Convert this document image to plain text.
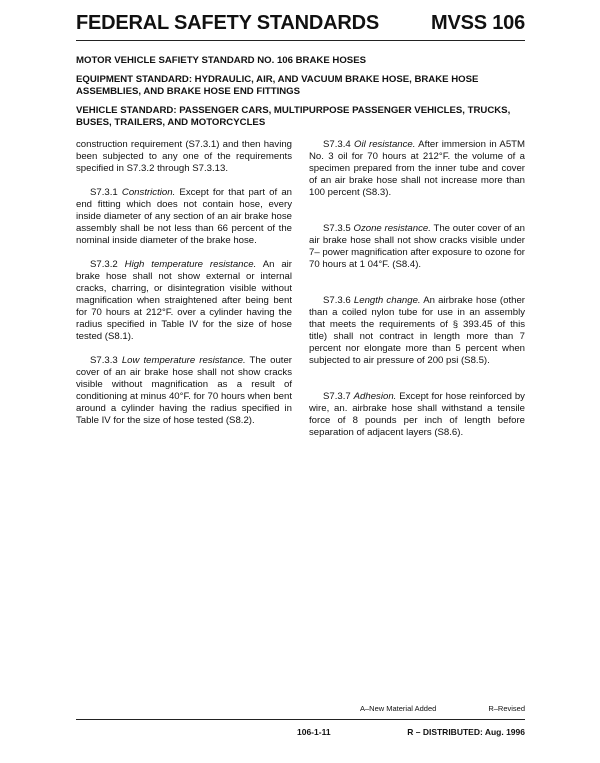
FEDERAL SAFETY STANDARDS	MVSS 106

MOTOR VEHICLE SAFIETY STANDARD NO. 106 BRAKE HOSES

EQUIPMENT STANDARD: HYDRAULIC, AIR, AND VACUUM BRAKE HOSE, BRAKE HOSE ASSEMBLIES, AND BRAKE HOSE END FITTINGS

VEHICLE STANDARD: PASSENGER CARS, MULTIPURPOSE PASSENGER VEHICLES, TRUCKS, BUSES, TRAILERS, AND MOTORCYCLES

construction requirement (S7.3.1) and then having been subjected to any one of the requirements specified in S7.3.2 through S7.3.13.

S7.3.1 Constriction. Except for that part of an end fitting which does not contain hose, every inside diameter of any section of an air brake hose assembly shall be not less than 66 percent of the nominal inside diameter of the brake hose.

S7.3.2 High temperature resistance. An air brake hose shall not show external or internal cracks, charring, or disintegration visible without magnification when straightened after being bent for 70 hours at 212°F. over a cylinder having the radius specified in Table IV for the size of hose tested (S8.1).

S7.3.3 Low temperature resistance. The outer cover of an air brake hose shall not show cracks visible without magnification as a result of conditioning at minus 40°F. for 70 hours when bent around a cylinder having the radius specified in Table IV for the size of hose tested (S8.2).

S7.3.4 Oil resistance. After immersion in A5TM No. 3 oil for 70 hours at 212°F. the volume of a specimen prepared from the inner tube and cover of an air brake hose shall not increase more than 100 percent (S8.3).

S7.3.5 Ozone resistance. The outer cover of an air brake hose shall not show cracks visible under 7– power magnification after exposure to ozone for 70 hours at 1 04°F. (S8.4).

S7.3.6 Length change. An airbrake hose (other than a coiled nylon tube for use in an assembly that meets the requirements of § 393.45 of this title) shall not contract in length more than 7 percent nor elongate more than 5 percent when subjected to air pressure of 200 psi (S8.5).

S7.3.7 Adhesion. Except for hose reinforced by wire, an. airbrake hose shall withstand a tensile force of 8 pounds per inch of length before separation of adjacent layers (S8.6).

A–New Material Added	R–Revised
106-1-11	R – DISTRIBUTED: Aug. 1996
